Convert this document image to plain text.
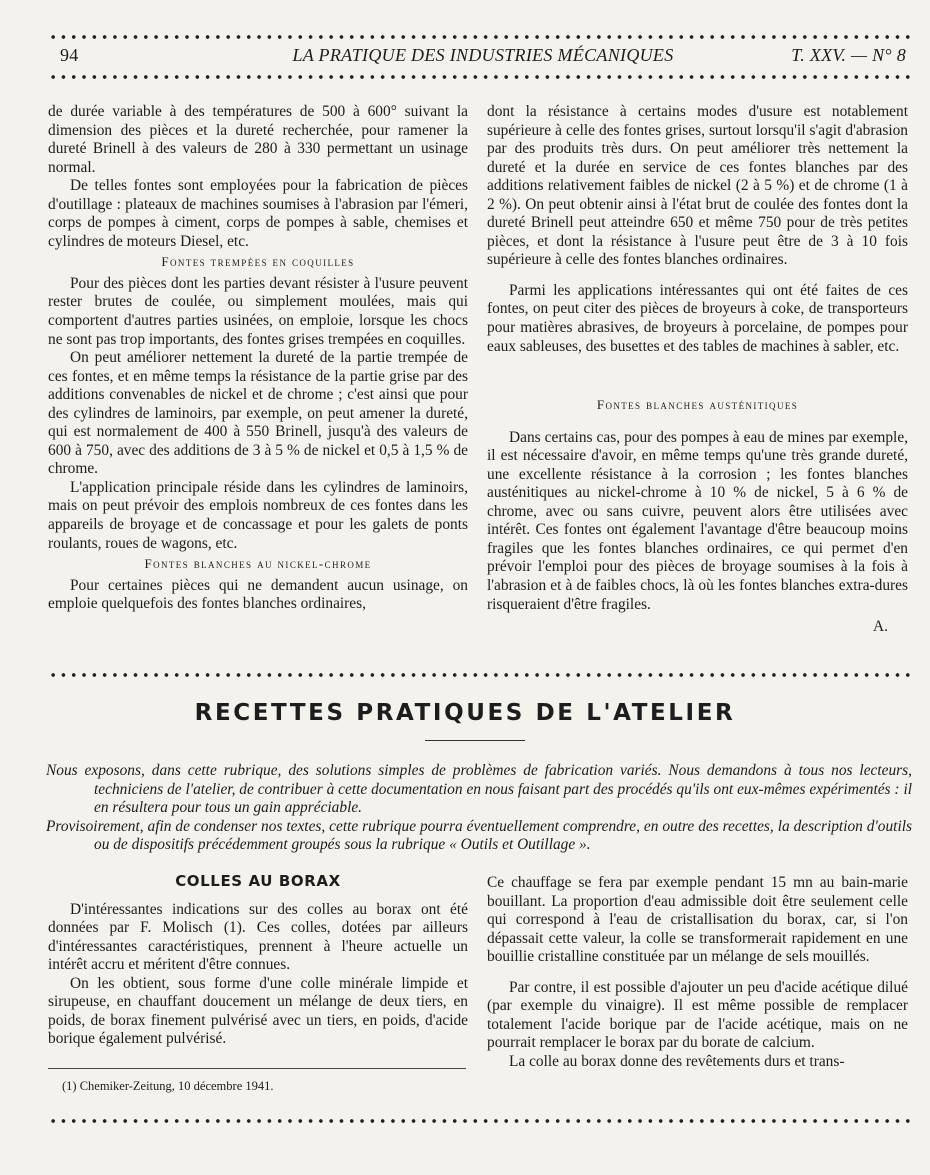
94	LA PRATIQUE DES INDUSTRIES MÉCANIQUES	T. XXV. — N° 8

de durée variable à des températures de 500 à 600° suivant la dimension des pièces et la dureté recherchée, pour ramener la dureté Brinell à des valeurs de 280 à 330 permettant un usinage normal.

De telles fontes sont employées pour la fabrication de pièces d'outillage : plateaux de machines soumises à l'abrasion par l'émeri, corps de pompes à ciment, corps de pompes à sable, chemises et cylindres de moteurs Diesel, etc.

Fontes trempées en coquilles

Pour des pièces dont les parties devant résister à l'usure peuvent rester brutes de coulée, ou simplement moulées, mais qui comportent d'autres parties usinées, on emploie, lorsque les chocs ne sont pas trop importants, des fontes grises trempées en coquilles.

On peut améliorer nettement la dureté de la partie trempée de ces fontes, et en même temps la résistance de la partie grise par des additions convenables de nickel et de chrome ; c'est ainsi que pour des cylindres de laminoirs, par exemple, on peut amener la dureté, qui est normalement de 400 à 550 Brinell, jusqu'à des valeurs de 600 à 750, avec des additions de 3 à 5 % de nickel et 0,5 à 1,5 % de chrome.

L'application principale réside dans les cylindres de laminoirs, mais on peut prévoir des emplois nombreux de ces fontes dans les appareils de broyage et de concassage et pour les galets de ponts roulants, roues de wagons, etc.

Fontes blanches au nickel-chrome

Pour certaines pièces qui ne demandent aucun usinage, on emploie quelquefois des fontes blanches ordinaires,

dont la résistance à certains modes d'usure est notablement supérieure à celle des fontes grises, surtout lorsqu'il s'agit d'abrasion par des produits très durs. On peut améliorer très nettement la dureté et la durée en service de ces fontes blanches par des additions relativement faibles de nickel (2 à 5 %) et de chrome (1 à 2 %). On peut obtenir ainsi à l'état brut de coulée des fontes dont la dureté Brinell peut atteindre 650 et même 750 pour de très petites pièces, et dont la résistance à l'usure peut être de 3 à 10 fois supérieure à celle des fontes blanches ordinaires.

Parmi les applications intéressantes qui ont été faites de ces fontes, on peut citer des pièces de broyeurs à coke, de transporteurs pour matières abrasives, de broyeurs à porcelaine, de pompes pour eaux sableuses, des busettes et des tables de machines à sabler, etc.

Fontes blanches austénitiques

Dans certains cas, pour des pompes à eau de mines par exemple, il est nécessaire d'avoir, en même temps qu'une très grande dureté, une excellente résistance à la corrosion ; les fontes blanches austénitiques au nickel-chrome à 10 % de nickel, 5 à 6 % de chrome, avec ou sans cuivre, peuvent alors être utilisées avec intérêt. Ces fontes ont également l'avantage d'être beaucoup moins fragiles que les fontes blanches ordinaires, ce qui permet d'en prévoir l'emploi pour des pièces de broyage soumises à la fois à l'abrasion et à de faibles chocs, là où les fontes blanches extra-dures risqueraient d'être fragiles.

A.
RECETTES PRATIQUES DE L'ATELIER

Nous exposons, dans cette rubrique, des solutions simples de problèmes de fabrication variés. Nous demandons à tous nos lecteurs, techniciens de l'atelier, de contribuer à cette documentation en nous faisant part des procédés qu'ils ont eux-mêmes expérimentés : il en résultera pour tous un gain appréciable.

Provisoirement, afin de condenser nos textes, cette rubrique pourra éventuellement comprendre, en outre des recettes, la description d'outils ou de dispositifs précédemment groupés sous la rubrique « Outils et Outillage ».

COLLES AU BORAX

D'intéressantes indications sur des colles au borax ont été données par F. Molisch (1). Ces colles, dotées par ailleurs d'intéressantes caractéristiques, prennent à l'heure actuelle un intérêt accru et méritent d'être connues.

On les obtient, sous forme d'une colle minérale limpide et sirupeuse, en chauffant doucement un mélange de deux tiers, en poids, de borax finement pulvérisé avec un tiers, en poids, d'acide borique également pulvérisé.

(1) Chemiker-Zeitung, 10 décembre 1941.

Ce chauffage se fera par exemple pendant 15 mn au bain-marie bouillant. La proportion d'eau admissible doit être seulement celle qui correspond à l'eau de cristallisation du borax, car, si l'on dépassait cette valeur, la colle se transformerait rapidement en une bouillie cristalline constituée par un mélange de sels mouillés.

Par contre, il est possible d'ajouter un peu d'acide acétique dilué (par exemple du vinaigre). Il est même possible de remplacer totalement l'acide borique par de l'acide acétique, mais on ne pourrait remplacer le borax par du borate de calcium.

La colle au borax donne des revêtements durs et trans-
